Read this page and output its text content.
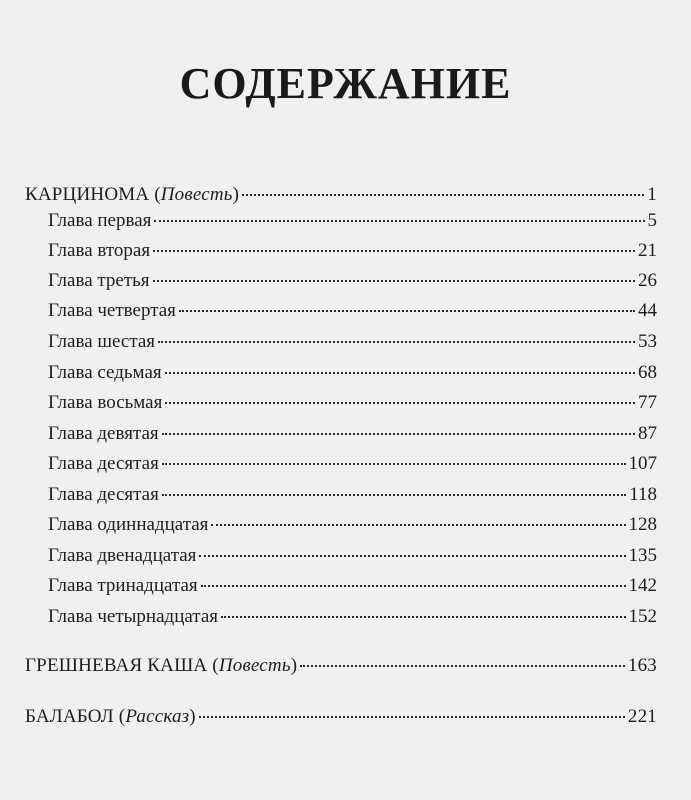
СОДЕРЖАНИЕ
КАРЦИНОМА (Повесть)	1
Глава первая	5
Глава вторая	21
Глава третья	26
Глава четвертая	44
Глава шестая	53
Глава седьмая	68
Глава восьмая	77
Глава девятая	87
Глава десятая	107
Глава десятая	118
Глава одиннадцатая	128
Глава двенадцатая	135
Глава тринадцатая	142
Глава четырнадцатая	152
ГРЕШНЕВАЯ КАША (Повесть)	163
БАЛАБОЛ (Рассказ)	221
